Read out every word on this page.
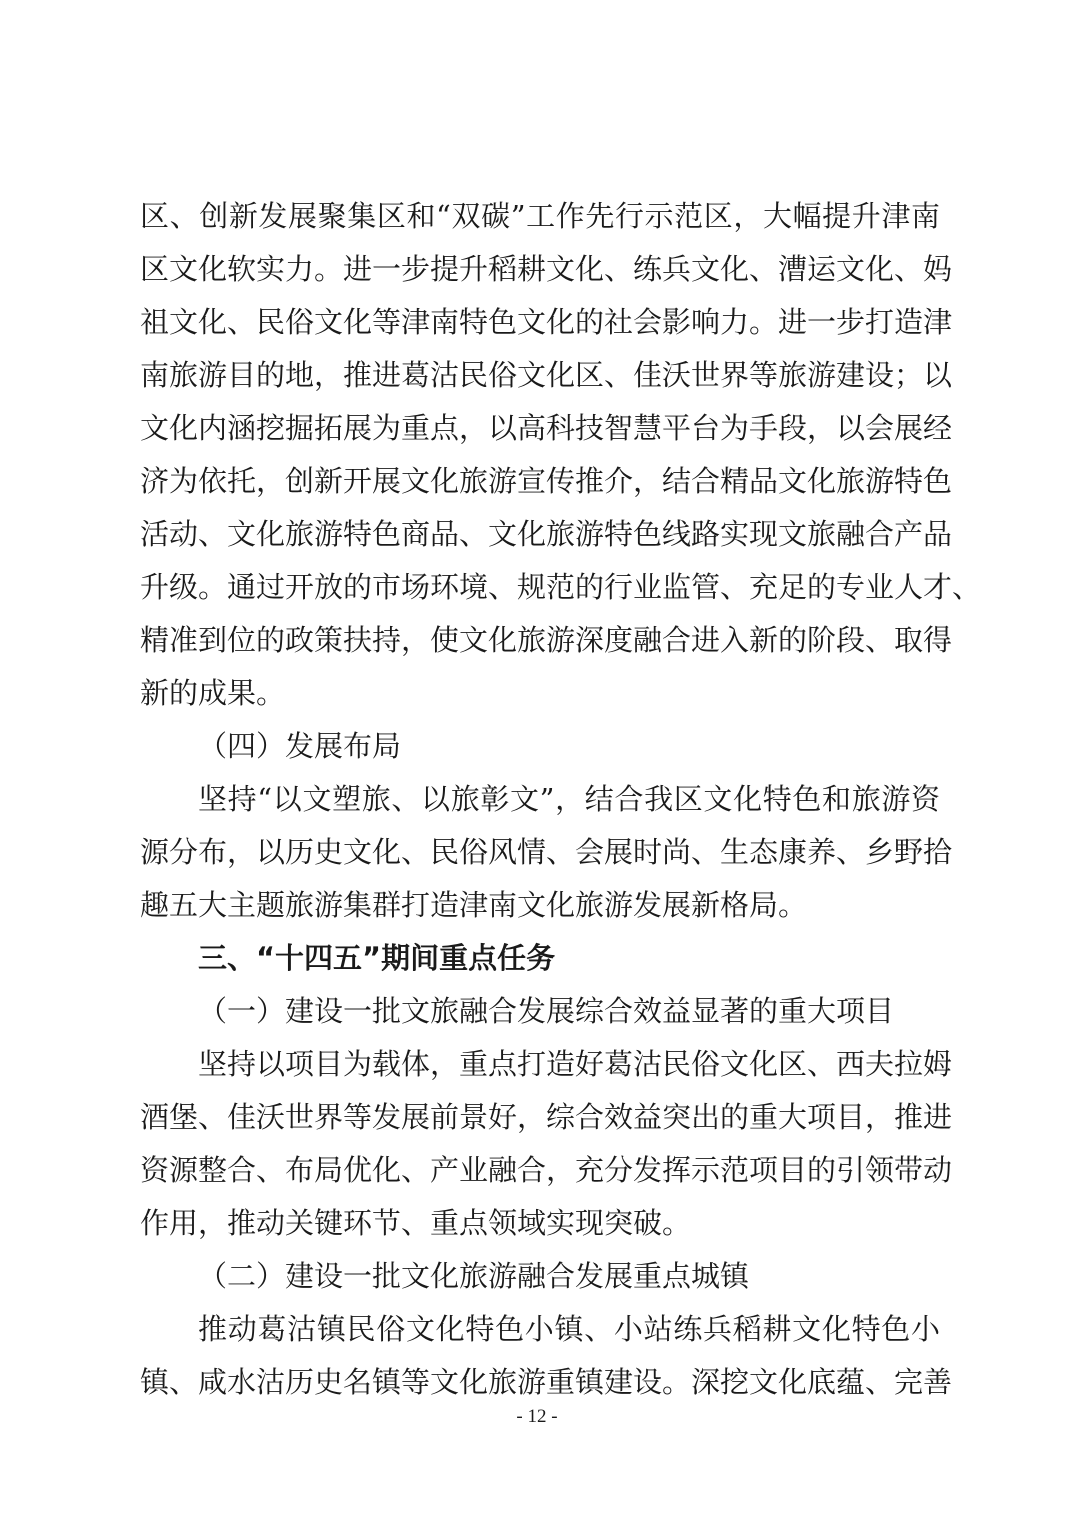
区、创新发展聚集区和“双碳”工作先行示范区，大幅提升津南
区文化软实力。进一步提升稻耕文化、练兵文化、漕运文化、妈
祖文化、民俗文化等津南特色文化的社会影响力。进一步打造津
南旅游目的地，推进葛沽民俗文化区、佳沃世界等旅游建设；以
文化内涵挖掘拓展为重点，以高科技智慧平台为手段，以会展经
济为依托，创新开展文化旅游宣传推介，结合精品文化旅游特色
活动、文化旅游特色商品、文化旅游特色线路实现文旅融合产品
升级。通过开放的市场环境、规范的行业监管、充足的专业人才、
精准到位的政策扶持，使文化旅游深度融合进入新的阶段、取得
新的成果。
（四）发展布局
坚持“以文塑旅、以旅彰文”，结合我区文化特色和旅游资
源分布，以历史文化、民俗风情、会展时尚、生态康养、乡野拾
趣五大主题旅游集群打造津南文化旅游发展新格局。
三、“十四五”期间重点任务
（一）建设一批文旅融合发展综合效益显著的重大项目
坚持以项目为载体，重点打造好葛沽民俗文化区、西夫拉姆
酒堡、佳沃世界等发展前景好，综合效益突出的重大项目，推进
资源整合、布局优化、产业融合，充分发挥示范项目的引领带动
作用，推动关键环节、重点领域实现突破。
（二）建设一批文化旅游融合发展重点城镇
推动葛沽镇民俗文化特色小镇、小站练兵稻耕文化特色小
镇、咸水沽历史名镇等文化旅游重镇建设。深挖文化底蕴、完善
- 12 -
